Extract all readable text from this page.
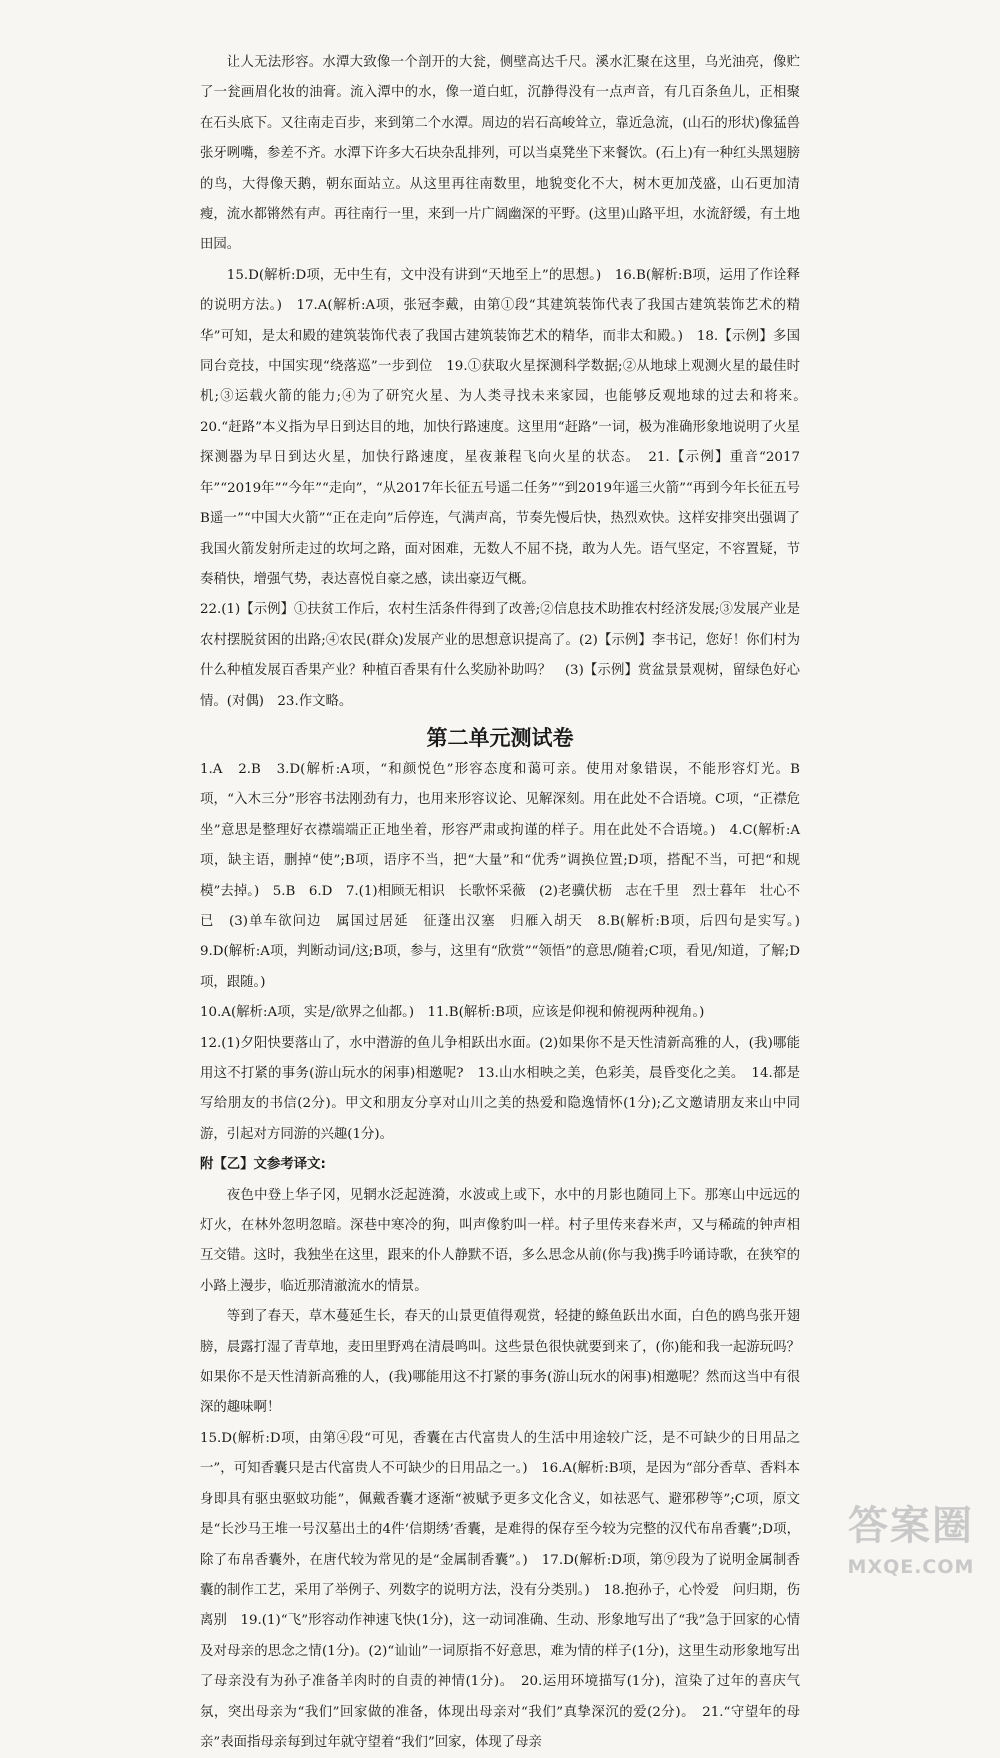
让人无法形容。水潭大致像一个剖开的大瓮，侧壁高达千尺。溪水汇聚在这里，乌光油亮，像贮了一瓮画眉化妆的油膏。流入潭中的水，像一道白虹，沉静得没有一点声音，有几百条鱼儿，正相聚在石头底下。又往南走百步，来到第二个水潭。周边的岩石高峻耸立，靠近急流，(山石的形状)像猛兽张牙咧嘴，参差不齐。水潭下许多大石块杂乱排列，可以当桌凳坐下来餐饮。(石上)有一种红头黑翅膀的鸟，大得像天鹅，朝东面站立。从这里再往南数里，地貌变化不大，树木更加茂盛，山石更加清瘦，流水都锵然有声。再往南行一里，来到一片广阔幽深的平野。(这里)山路平坦，水流舒缓，有土地田园。

15.D(解析:D项，无中生有，文中没有讲到“天地至上”的思想。)　16.B(解析:B项，运用了作诠释的说明方法。)　17.A(解析:A项，张冠李戴，由第①段“其建筑装饰代表了我国古建筑装饰艺术的精华”可知，是太和殿的建筑装饰代表了我国古建筑装饰艺术的精华，而非太和殿。)　18.【示例】多国同台竞技，中国实现“绕落巡”一步到位　19.①获取火星探测科学数据;②从地球上观测火星的最佳时机;③运载火箭的能力;④为了研究火星、为人类寻找未来家园，也能够反观地球的过去和将来。　20.“赶路”本义指为早日到达目的地，加快行路速度。这里用“赶路”一词，极为准确形象地说明了火星探测器为早日到达火星，加快行路速度，星夜兼程飞向火星的状态。　21.【示例】重音“2017年”“2019年”“今年”“走向”，“从2017年长征五号遥二任务”“到2019年遥三火箭”“再到今年长征五号B遥一”“中国大火箭”“正在走向”后停连，气满声高，节奏先慢后快，热烈欢快。这样安排突出强调了我国火箭发射所走过的坎坷之路，面对困难，无数人不屈不挠，敢为人先。语气坚定，不容置疑，节奏稍快，增强气势，表达喜悦自豪之感，读出豪迈气概。

22.(1)【示例】①扶贫工作后，农村生活条件得到了改善;②信息技术助推农村经济发展;③发展产业是农村摆脱贫困的出路;④农民(群众)发展产业的思想意识提高了。(2)【示例】李书记，您好！你们村为什么种植发展百香果产业？种植百香果有什么奖励补助吗？　(3)【示例】赏盆景景观树，留绿色好心情。(对偶)　23.作文略。

第二单元测试卷

1.A　2.B　3.D(解析:A项，“和颜悦色”形容态度和蔼可亲。使用对象错误，不能形容灯光。B项，“入木三分”形容书法刚劲有力，也用来形容议论、见解深刻。用在此处不合语境。C项，“正襟危坐”意思是整理好衣襟端端正正地坐着，形容严肃或拘谨的样子。用在此处不合语境。)　4.C(解析:A项，缺主语，删掉“使”;B项，语序不当，把“大量”和“优秀”调换位置;D项，搭配不当，可把“和规模”去掉。)　5.B　6.D　7.(1)相顾无相识　长歌怀采薇　(2)老骥伏枥　志在千里　烈士暮年　壮心不已　(3)单车欲问边　属国过居延　征蓬出汉塞　归雁入胡天　8.B(解析:B项，后四句是实写。)　9.D(解析:A项，判断动词/这;B项，参与，这里有“欣赏”“领悟”的意思/随着;C项，看见/知道，了解;D项，跟随。)

10.A(解析:A项，实是/欲界之仙都。)　11.B(解析:B项，应该是仰视和俯视两种视角。)

12.(1)夕阳快要落山了，水中潜游的鱼儿争相跃出水面。(2)如果你不是天性清新高雅的人，(我)哪能用这不打紧的事务(游山玩水的闲事)相邀呢?　13.山水相映之美，色彩美，晨昏变化之美。　14.都是写给朋友的书信(2分)。甲文和朋友分享对山川之美的热爱和隐逸情怀(1分);乙文邀请朋友来山中同游，引起对方同游的兴趣(1分)。

附【乙】文参考译文:

夜色中登上华子冈，见辋水泛起涟漪，水波或上或下，水中的月影也随同上下。那寒山中远远的灯火，在林外忽明忽暗。深巷中寒冷的狗，叫声像豹叫一样。村子里传来舂米声，又与稀疏的钟声相互交错。这时，我独坐在这里，跟来的仆人静默不语，多么思念从前(你与我)携手吟诵诗歌，在狭窄的小路上漫步，临近那清澈流水的情景。

等到了春天，草木蔓延生长，春天的山景更值得观赏，轻捷的鲦鱼跃出水面，白色的鸥鸟张开翅膀，晨露打湿了青草地，麦田里野鸡在清晨鸣叫。这些景色很快就要到来了，(你)能和我一起游玩吗？如果你不是天性清新高雅的人，(我)哪能用这不打紧的事务(游山玩水的闲事)相邀呢？然而这当中有很深的趣味啊！

15.D(解析:D项，由第④段“可见，香囊在古代富贵人的生活中用途较广泛，是不可缺少的日用品之一”，可知香囊只是古代富贵人不可缺少的日用品之一。)　16.A(解析:B项，是因为“部分香草、香料本身即具有驱虫驱蚊功能”，佩戴香囊才逐渐“被赋予更多文化含义，如祛恶气、避邪秽等”;C项，原文是“长沙马王堆一号汉墓出土的4件‘信期绣’香囊，是难得的保存至今较为完整的汉代布帛香囊”;D项，除了布帛香囊外，在唐代较为常见的是“金属制香囊”。)　17.D(解析:D项，第⑨段为了说明金属制香囊的制作工艺，采用了举例子、列数字的说明方法，没有分类别。)　18.抱孙子，心怜爱　问归期，伤离别　19.(1)“飞”形容动作神速飞快(1分)，这一动词准确、生动、形象地写出了“我”急于回家的心情及对母亲的思念之情(1分)。(2)“讪讪”一词原指不好意思，难为情的样子(1分)，这里生动形象地写出了母亲没有为孙子准备羊肉时的自责的神情(1分)。　20.运用环境描写(1分)，渲染了过年的喜庆气氛，突出母亲为“我们”回家做的准备，体现出母亲对“我们”真挚深沉的爱(2分)。　21.“守望年的母亲”表面指母亲每到过年就守望着“我们”回家，体现了母亲

答案圈
MXQE.COM
